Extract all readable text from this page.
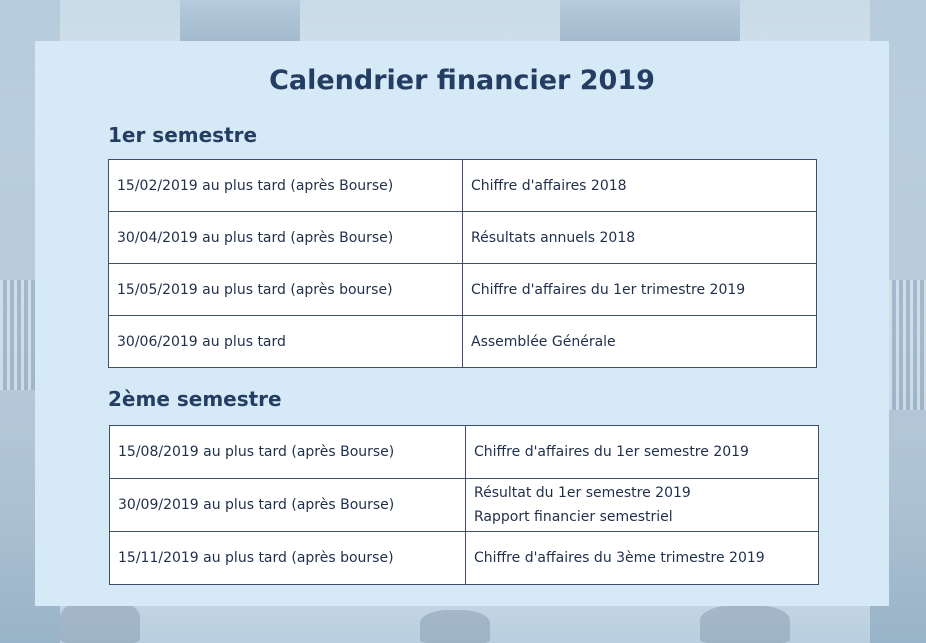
Calendrier financier 2019
1er semestre
15/02/2019 au plus tard (après Bourse)	Chiffre d'affaires 2018
30/04/2019 au plus tard (après Bourse)	Résultats annuels 2018
15/05/2019 au plus tard (après bourse)	Chiffre d'affaires du 1er trimestre 2019
30/06/2019 au plus tard	Assemblée Générale
2ème semestre
15/08/2019 au plus tard (après Bourse)	Chiffre d'affaires du 1er semestre 2019
30/09/2019 au plus tard (après Bourse)	Résultat du 1er semestre 2019
Rapport financier semestriel

15/11/2019 au plus tard (après bourse)	Chiffre d'affaires du 3ème trimestre 2019
